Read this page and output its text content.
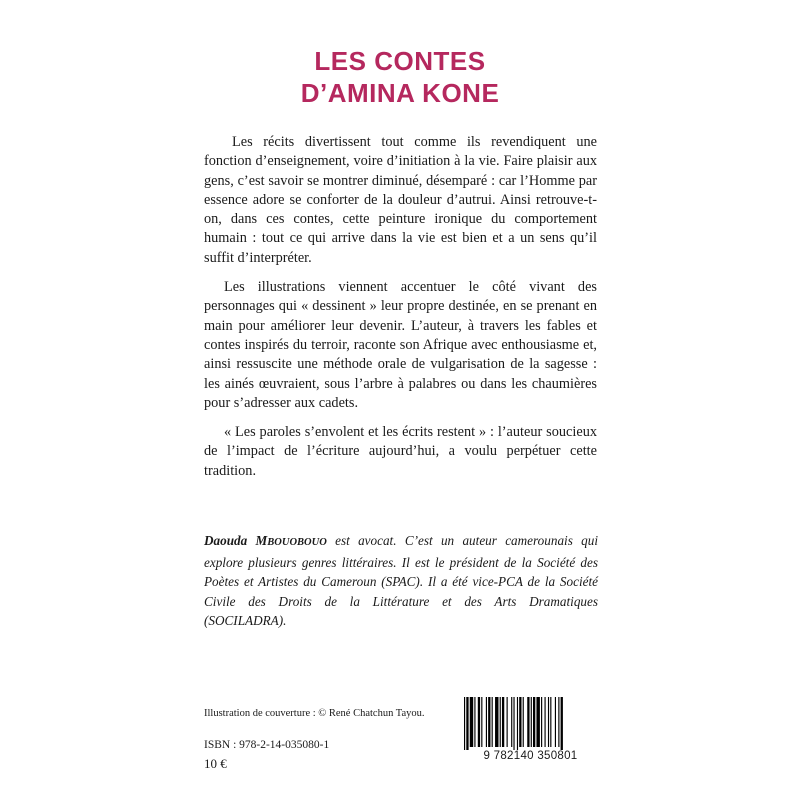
LES CONTES
D’AMINA KONE

Les récits divertissent tout comme ils revendiquent une fonction d’enseignement, voire d’initiation à la vie. Faire plaisir aux gens, c’est savoir se montrer diminué, désemparé : car l’Homme par essence adore se conforter de la douleur d’autrui. Ainsi retrouve-t-on, dans ces contes, cette peinture ironique du comportement humain : tout ce qui arrive dans la vie est bien et a un sens qu’il suffit d’interpréter.

Les illustrations viennent accentuer le côté vivant des personnages qui « dessinent » leur propre destinée, en se prenant en main pour améliorer leur devenir. L’auteur, à travers les fables et contes inspirés du terroir, raconte son Afrique avec enthousiasme et, ainsi ressuscite une méthode orale de vulgarisation de la sagesse : les ainés œuvraient, sous l’arbre à palabres ou dans les chaumières pour s’adresser aux cadets.

« Les paroles s’envolent et les écrits restent » : l’auteur soucieux de l’impact de l’écriture aujourd’hui, a voulu perpétuer cette tradition.

Daouda MBOUOBOUO est avocat. C’est un auteur camerounais qui explore plusieurs genres littéraires. Il est le président de la Société des Poètes et Artistes du Cameroun (SPAC). Il a été vice-PCA de la Société Civile des Droits de la Littérature et des Arts Dramatiques (SOCILADRA).
Illustration de couverture : © René Chatchun Tayou.
ISBN : 978-2-14-035080-1
10 €	9 782140 350801
